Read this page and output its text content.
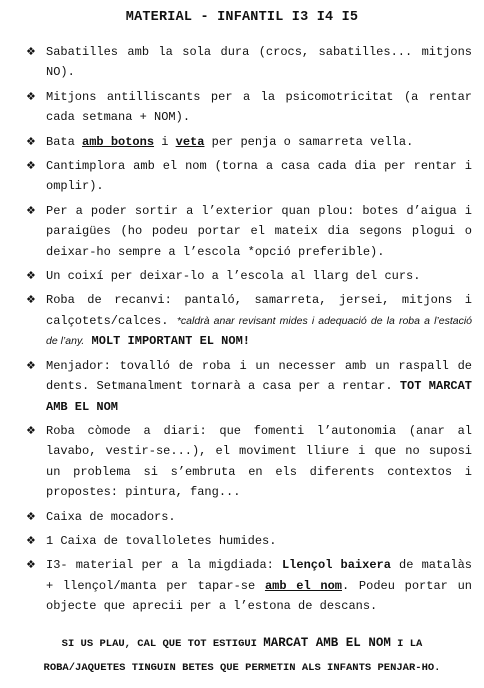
MATERIAL - INFANTIL I3 I4 I5
❖ Sabatilles amb la sola dura (crocs, sabatilles... mitjons NO).
❖ Mitjons antilliscants per a la psicomotricitat (a rentar cada setmana + NOM).
❖ Bata amb botons i veta per penja o samarreta vella.
❖ Cantimplora amb el nom (torna a casa cada dia per rentar i omplir).
❖ Per a poder sortir a l’exterior quan plou: botes d’aigua i paraigües (ho podeu portar el mateix dia segons plogui o deixar-ho sempre a l’escola *opció preferible).
❖ Un coixí per deixar-lo a l’escola al llarg del curs.
❖ Roba de recanvi: pantaló, samarreta, jersei, mitjons i calçotets/calces. *caldrà anar revisant mides i adequació de la roba a l’estació de l’any. MOLT IMPORTANT EL NOM!
❖ Menjador: tovalló de roba i un necesser amb un raspall de dents. Setmanalment tornarà a casa per a rentar. TOT MARCAT AMB EL NOM
❖ Roba còmode a diari: que fomenti l’autonomia (anar al lavabo, vestir-se...), el moviment lliure i que no suposi un problema si s’embruta en els diferents contextos i propostes: pintura, fang...
❖ Caixa de mocadors.
❖ 1 Caixa de tovalloletes humides.
❖ I3- material per a la migdiada: Llençol baixera de matalàs + llençol/manta per tapar-se amb el nom. Podeu portar un objecte que aprecii per a l’estona de descans.
SI US PLAU, CAL QUE TOT ESTIGUI MARCAT AMB EL NOM I LA
ROBA/JAQUETES TINGUIN BETES QUE PERMETIN ALS INFANTS PENJAR-HO.
